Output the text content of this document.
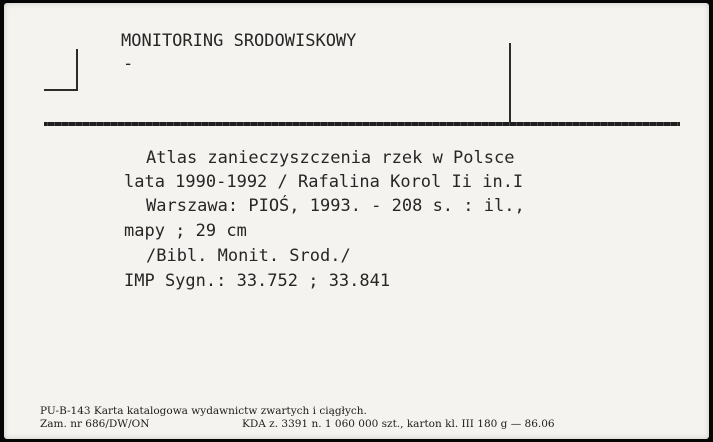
MONITORING SRODOWISKOWY
-
Atlas zanieczyszczenia rzek w Polsce
lata 1990-1992 / Rafalina Korol Ii in.I
Warszawa: PIOŚ, 1993. - 208 s. : il.,
mapy ; 29 cm
/Bibl. Monit. Srod./
IMP Sygn.: 33.752 ; 33.841
PU-B-143 Karta katalogowa wydawnictw zwartych i ciągłych.
Zam. nr 686/DW/ON	KDA z. 3391 n. 1 060 000 szt., karton kl. III 180 g — 86.06
